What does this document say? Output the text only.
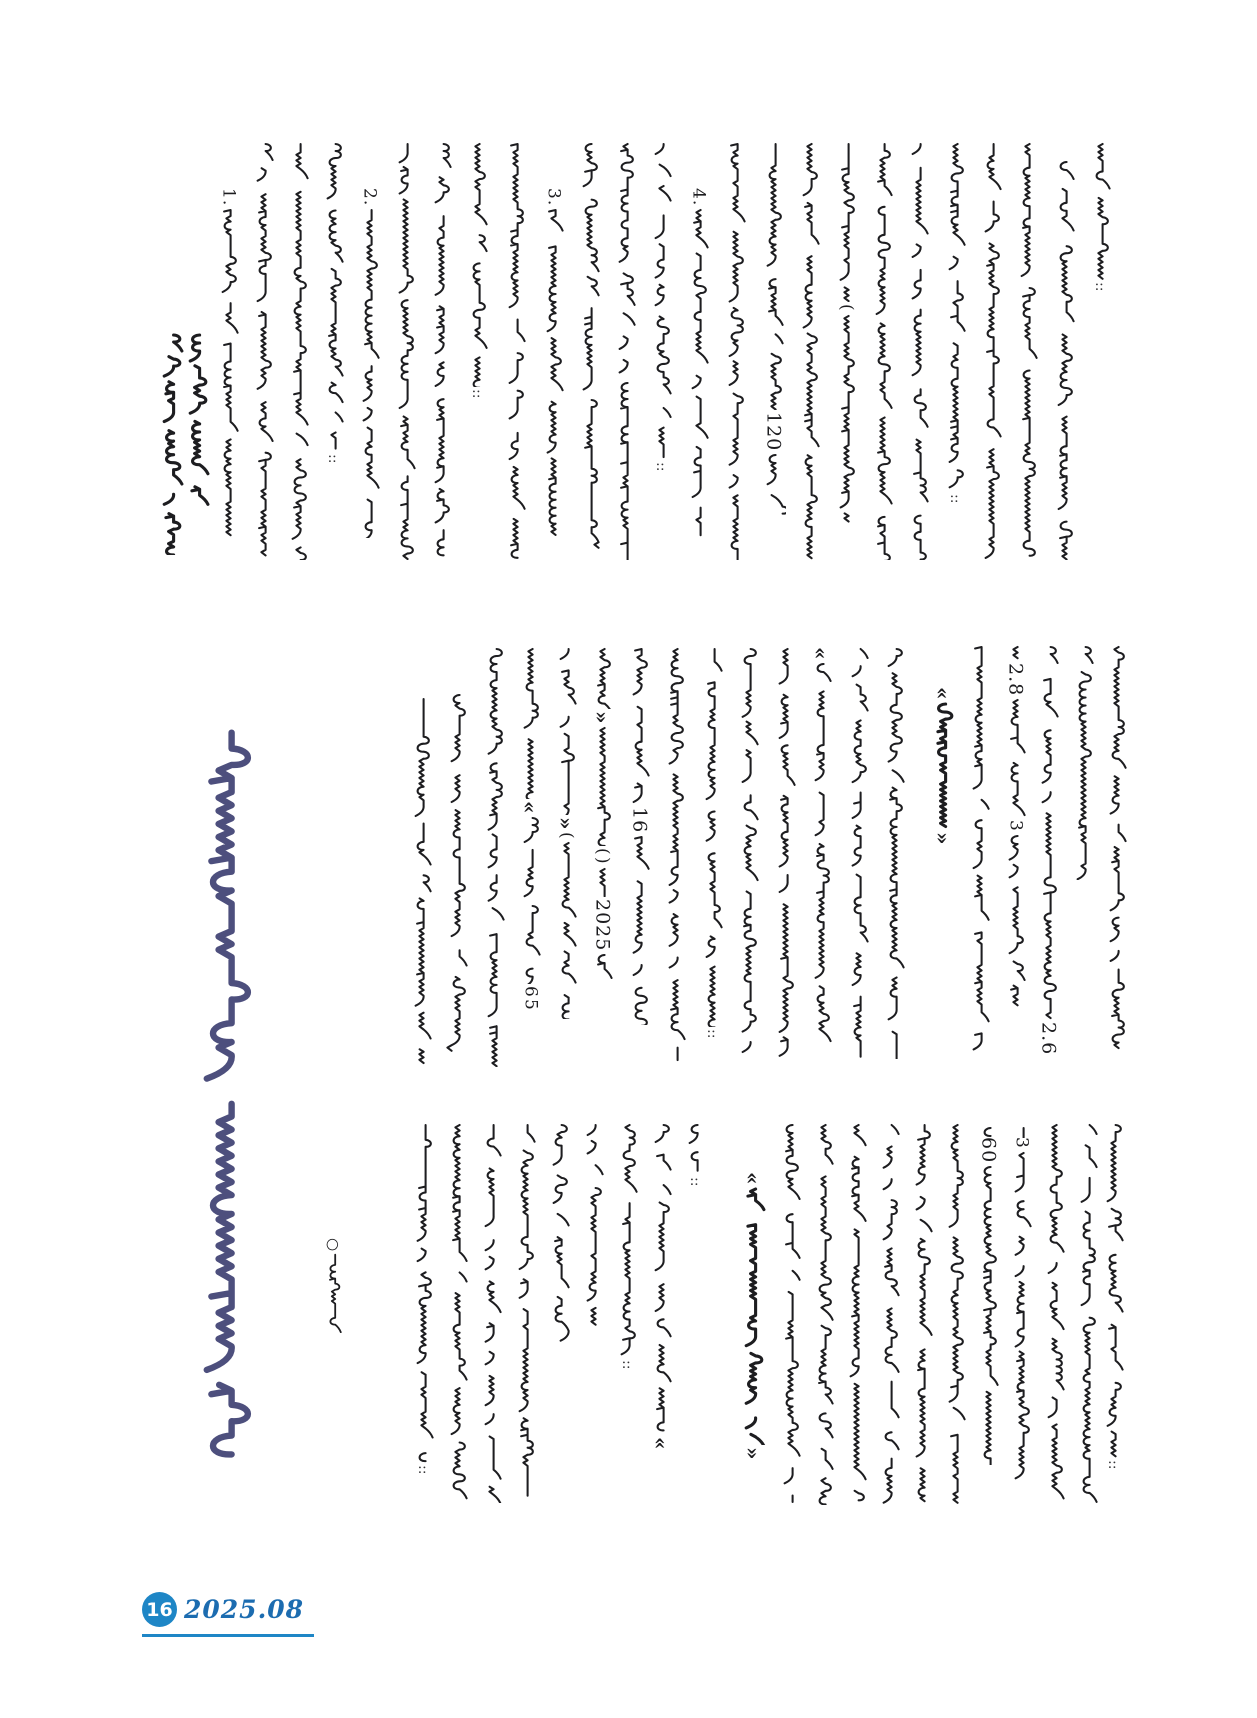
1.
::
2.
::
3.
::
4.
120
(
::
::
«
6
5
»
(
»
(
)
2025
16
::
«
«
»
2.8
3
2.6
○
::
::
«
:: «
»
60 3
::
16 2025.08
